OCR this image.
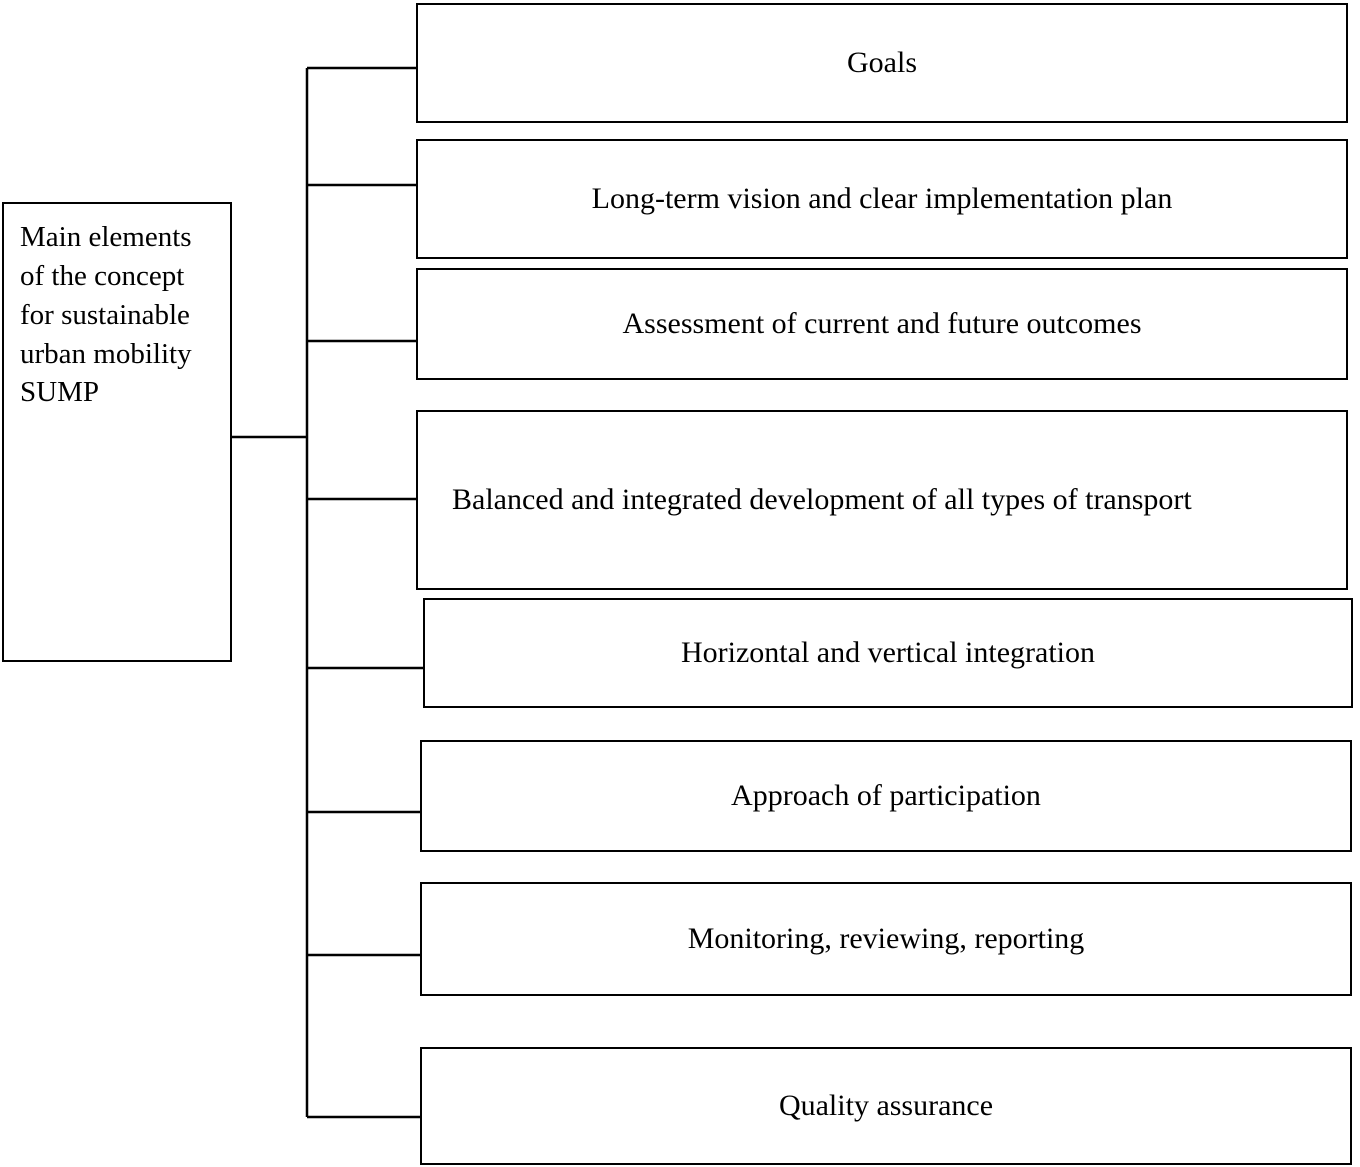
Main elements of the concept for sustainable urban mobility SUMP
Goals
Long-term vision and clear implementation plan
Assessment of current and future outcomes
Balanced and integrated development of all types of transport
Horizontal and vertical integration
Approach of participation
Monitoring, reviewing, reporting
Quality assurance
